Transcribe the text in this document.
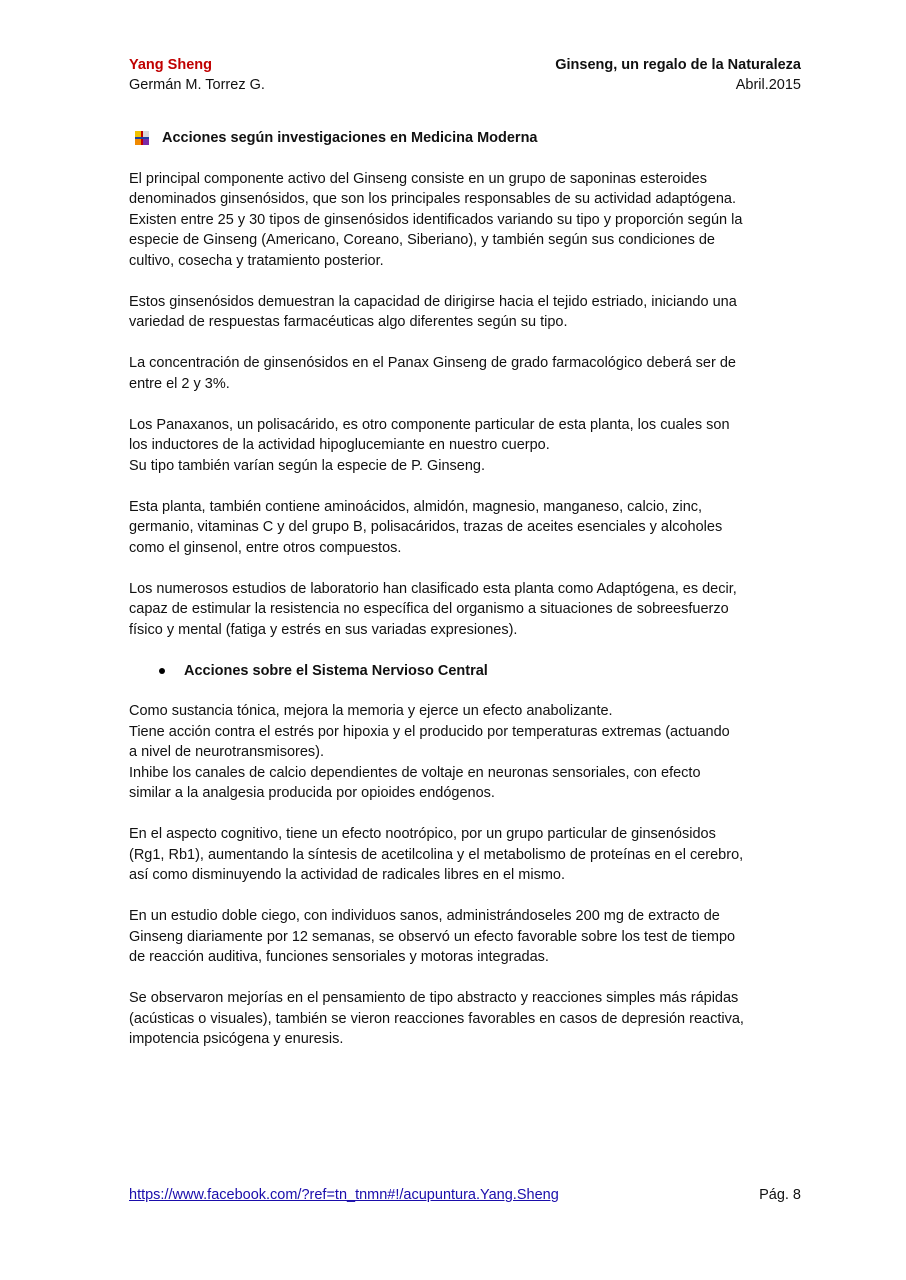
Yang Sheng
Germán M. Torrez G.
Ginseng, un regalo de la Naturaleza
Abril.2015
Acciones según investigaciones en Medicina Moderna

El principal componente activo del Ginseng consiste en un grupo de saponinas esteroides
denominados ginsenósidos, que son los principales responsables de su actividad adaptógena.
Existen entre 25 y 30 tipos de ginsenósidos identificados variando su tipo y proporción según la
especie de Ginseng (Americano, Coreano, Siberiano), y también según sus condiciones de
cultivo, cosecha y tratamiento posterior.

Estos ginsenósidos demuestran la capacidad de dirigirse hacia el tejido estriado, iniciando una
variedad de respuestas farmacéuticas algo diferentes según su tipo.

La concentración de ginsenósidos en el Panax Ginseng de grado farmacológico deberá ser de
entre el 2 y 3%.

Los Panaxanos, un polisacárido, es otro componente particular de esta planta, los cuales son
los inductores de la actividad hipoglucemiante en nuestro cuerpo.
Su tipo también varían según la especie de P. Ginseng.

Esta planta, también contiene aminoácidos, almidón, magnesio, manganeso, calcio, zinc,
germanio, vitaminas C y del grupo B, polisacáridos, trazas de aceites esenciales y alcoholes
como el ginsenol, entre otros compuestos.

Los numerosos estudios de laboratorio han clasificado esta planta como Adaptógena, es decir,
capaz de estimular la resistencia no específica del organismo a situaciones de sobreesfuerzo
físico y mental (fatiga y estrés en sus variadas expresiones).

Acciones sobre el Sistema Nervioso Central

Como sustancia tónica, mejora la memoria y ejerce un efecto anabolizante.
Tiene acción contra el estrés por hipoxia y el producido por temperaturas extremas (actuando
a nivel de neurotransmisores).
Inhibe los canales de calcio dependientes de voltaje en neuronas sensoriales, con efecto
similar a la analgesia producida por opioides endógenos.

En el aspecto cognitivo, tiene un efecto nootrópico, por un grupo particular de ginsenósidos
(Rg1, Rb1), aumentando la síntesis de acetilcolina y el metabolismo de proteínas en el cerebro,
así como disminuyendo la actividad de radicales libres en el mismo.

En un estudio doble ciego, con individuos sanos, administrándoseles 200 mg de extracto de
Ginseng diariamente por 12 semanas, se observó un efecto favorable sobre los test de tiempo
de reacción auditiva, funciones sensoriales y motoras integradas.

Se observaron mejorías en el pensamiento de tipo abstracto y reacciones simples más rápidas
(acústicas o visuales), también se vieron reacciones favorables en casos de depresión reactiva,
impotencia psicógena y enuresis.

https://www.facebook.com/?ref=tn_tnmn#!/acupuntura.Yang.Sheng	Pág. 8
